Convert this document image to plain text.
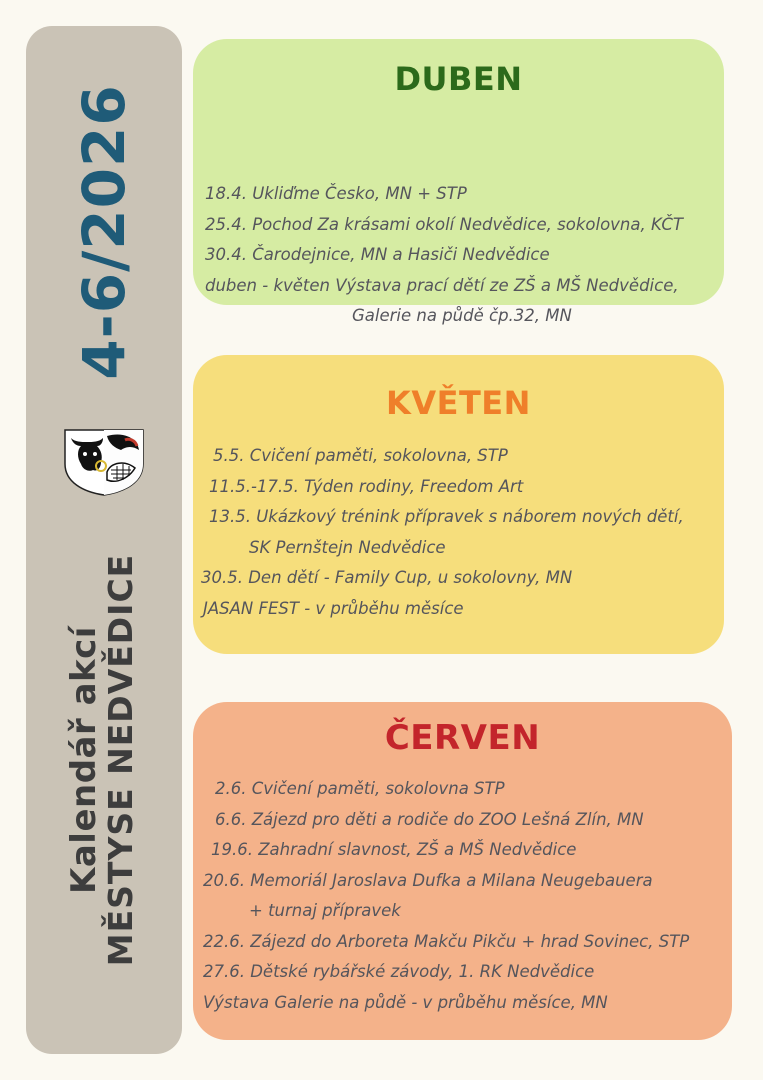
4-6/2026
Kalendář akcí
MĚSTYSE NEDVĚDICE
DUBEN
18.4. Ukliďme Česko, MN + STP
25.4. Pochod Za krásami okolí Nedvědice, sokolovna, KČT
30.4. Čarodejnice, MN a Hasiči Nedvědice
duben - květen Výstava prací dětí ze ZŠ a MŠ Nedvědice,
Galerie na půdě čp.32, MN
KVĚTEN
5.5. Cvičení paměti, sokolovna, STP
11.5.-17.5. Týden rodiny, Freedom Art
13.5. Ukázkový trénink přípravek s náborem nových dětí,
SK Pernštejn Nedvědice
30.5. Den dětí - Family Cup, u sokolovny, MN
JASAN FEST - v průběhu měsíce
ČERVEN
2.6. Cvičení paměti, sokolovna STP
6.6. Zájezd pro děti a rodiče do ZOO Lešná Zlín, MN
19.6. Zahradní slavnost, ZŠ a MŠ Nedvědice
20.6. Memoriál Jaroslava Dufka a Milana Neugebauera
+ turnaj přípravek
22.6. Zájezd do Arboreta Makču Pikču + hrad Sovinec, STP
27.6. Dětské rybářské závody, 1. RK Nedvědice
Výstava Galerie na půdě - v průběhu měsíce, MN
